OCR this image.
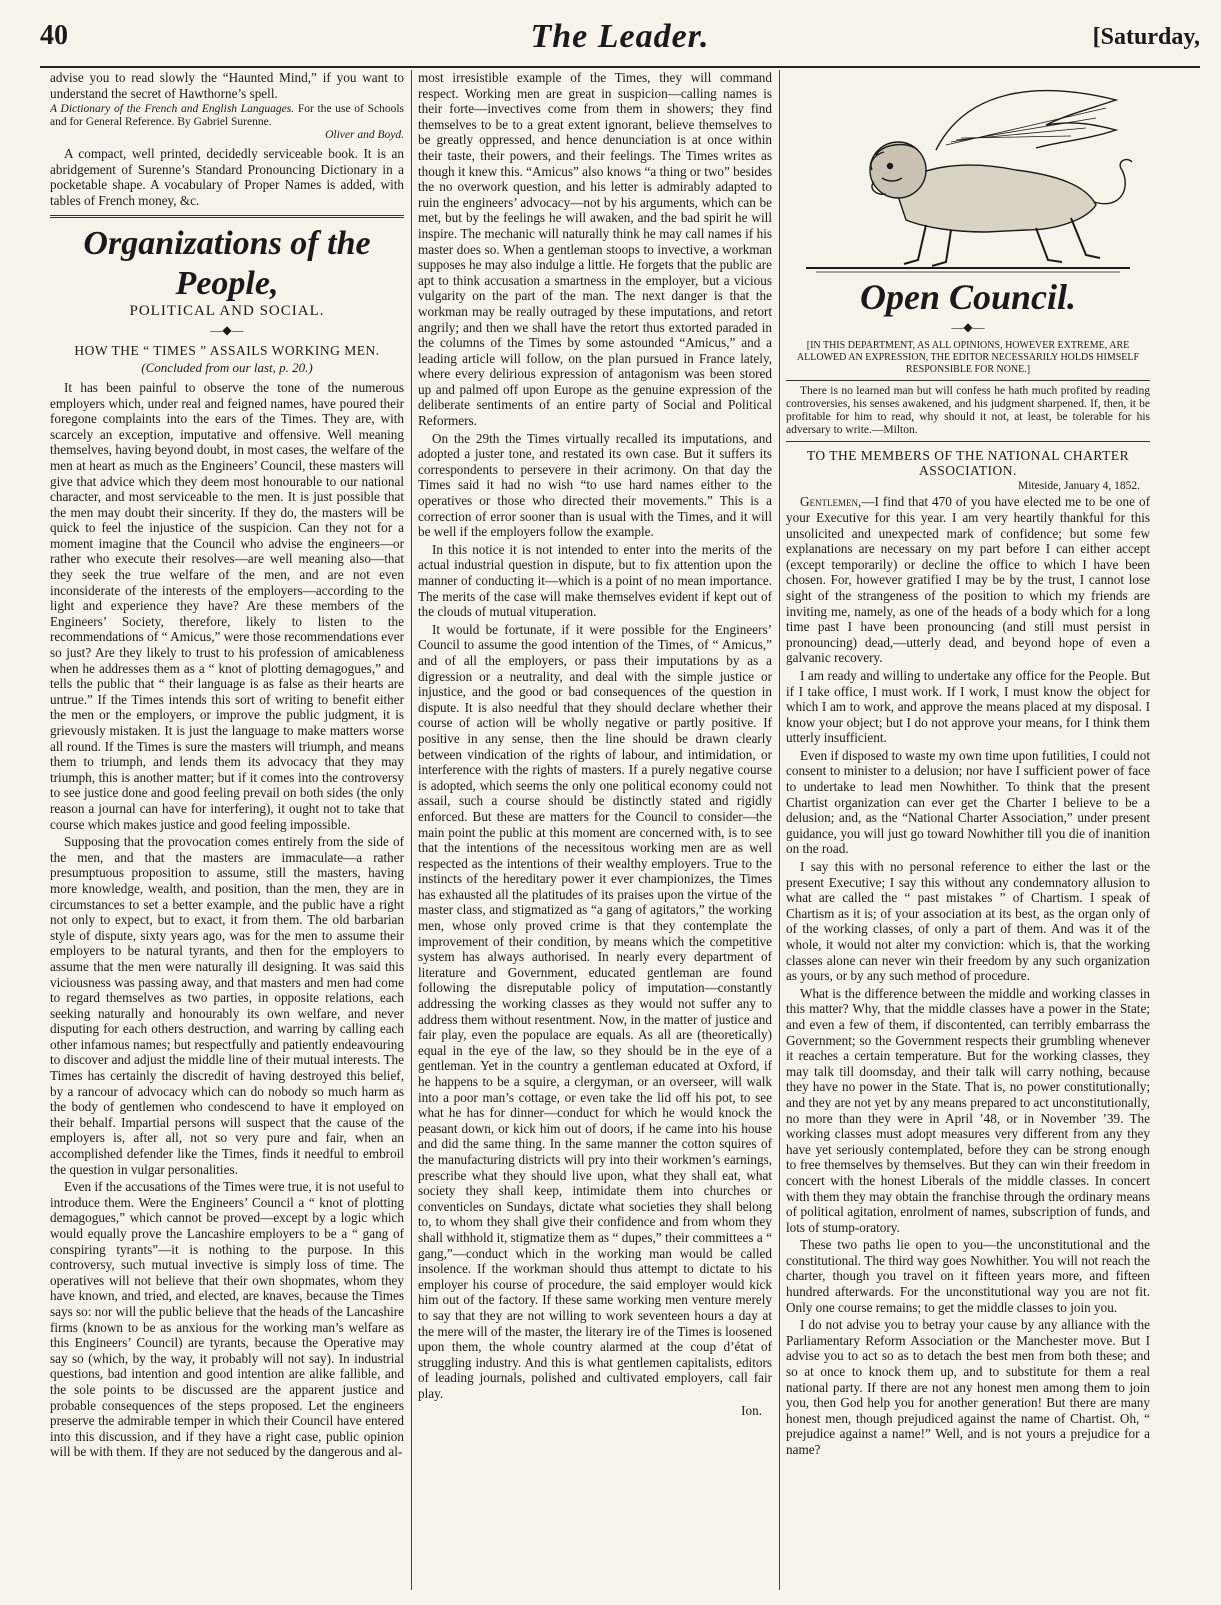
40	The Leader.	[Saturday,

advise you to read slowly the “Haunted Mind,” if you want to understand the secret of Hawthorne’s spell.

A Dictionary of the French and English Languages. For the use of Schools and for General Reference. By Gabriel Surenne.
Oliver and Boyd.

A compact, well printed, decidedly serviceable book. It is an abridgement of Surenne’s Standard Pronouncing Dictionary in a pocketable shape. A vocabulary of Proper Names is added, with tables of French money, &c.

Organizations of the People,
POLITICAL AND SOCIAL.
—◆—
HOW THE “ TIMES ” ASSAILS WORKING MEN.
(Concluded from our last, p. 20.)

It has been painful to observe the tone of the numerous employers which, under real and feigned names, have poured their foregone complaints into the ears of the Times. They are, with scarcely an exception, imputative and offensive. Well meaning themselves, having beyond doubt, in most cases, the welfare of the men at heart as much as the Engineers’ Council, these masters will give that advice which they deem most honourable to our national character, and most serviceable to the men. It is just possible that the men may doubt their sincerity. If they do, the masters will be quick to feel the injustice of the suspicion. Can they not for a moment imagine that the Council who advise the engineers—or rather who execute their resolves—are well meaning also—that they seek the true welfare of the men, and are not even inconsiderate of the interests of the employers—according to the light and experience they have? Are these members of the Engineers’ Society, therefore, likely to listen to the recommendations of “ Amicus,” were those recommendations ever so just? Are they likely to trust to his profession of amicableness when he addresses them as a “ knot of plotting demagogues,” and tells the public that “ their language is as false as their hearts are untrue.” If the Times intends this sort of writing to benefit either the men or the employers, or improve the public judgment, it is grievously mistaken. It is just the language to make matters worse all round. If the Times is sure the masters will triumph, and means them to triumph, and lends them its advocacy that they may triumph, this is another matter; but if it comes into the controversy to see justice done and good feeling prevail on both sides (the only reason a journal can have for interfering), it ought not to take that course which makes justice and good feeling impossible.

Supposing that the provocation comes entirely from the side of the men, and that the masters are immaculate—a rather presumptuous proposition to assume, still the masters, having more knowledge, wealth, and position, than the men, they are in circumstances to set a better example, and the public have a right not only to expect, but to exact, it from them. The old barbarian style of dispute, sixty years ago, was for the men to assume their employers to be natural tyrants, and then for the employers to assume that the men were naturally ill designing. It was said this viciousness was passing away, and that masters and men had come to regard themselves as two parties, in opposite relations, each seeking naturally and honourably its own welfare, and never disputing for each others destruction, and warring by calling each other infamous names; but respectfully and patiently endeavouring to discover and adjust the middle line of their mutual interests. The Times has certainly the discredit of having destroyed this belief, by a rancour of advocacy which can do nobody so much harm as the body of gentlemen who condescend to have it employed on their behalf. Impartial persons will suspect that the cause of the employers is, after all, not so very pure and fair, when an accomplished defender like the Times, finds it needful to embroil the question in vulgar personalities.

Even if the accusations of the Times were true, it is not useful to introduce them. Were the Engineers’ Council a “ knot of plotting demagogues,” which cannot be proved—except by a logic which would equally prove the Lancashire employers to be a “ gang of conspiring tyrants”—it is nothing to the purpose. In this controversy, such mutual invective is simply loss of time. The operatives will not believe that their own shopmates, whom they have known, and tried, and elected, are knaves, because the Times says so: nor will the public believe that the heads of the Lancashire firms (known to be as anxious for the working man’s welfare as this Engineers’ Council) are tyrants, because the Operative may say so (which, by the way, it probably will not say). In industrial questions, bad intention and good intention are alike fallible, and the sole points to be discussed are the apparent justice and probable consequences of the steps proposed. Let the engineers preserve the admirable temper in which their Council have entered into this discussion, and if they have a right case, public opinion will be with them. If they are not seduced by the dangerous and al-

most irresistible example of the Times, they will command respect. Working men are great in suspicion—calling names is their forte—invectives come from them in showers; they find themselves to be to a great extent ignorant, believe themselves to be greatly oppressed, and hence denunciation is at once within their taste, their powers, and their feelings. The Times writes as though it knew this. “Amicus” also knows “a thing or two” besides the no overwork question, and his letter is admirably adapted to ruin the engineers’ advocacy—not by his arguments, which can be met, but by the feelings he will awaken, and the bad spirit he will inspire. The mechanic will naturally think he may call names if his master does so. When a gentleman stoops to invective, a workman supposes he may also indulge a little. He forgets that the public are apt to think accusation a smartness in the employer, but a vicious vulgarity on the part of the man. The next danger is that the workman may be really outraged by these imputations, and retort angrily; and then we shall have the retort thus extorted paraded in the columns of the Times by some astounded “Amicus,” and a leading article will follow, on the plan pursued in France lately, where every delirious expression of antagonism was been stored up and palmed off upon Europe as the genuine expression of the deliberate sentiments of an entire party of Social and Political Reformers.

On the 29th the Times virtually recalled its imputations, and adopted a juster tone, and restated its own case. But it suffers its correspondents to persevere in their acrimony. On that day the Times said it had no wish “to use hard names either to the operatives or those who directed their movements.” This is a correction of error sooner than is usual with the Times, and it will be well if the employers follow the example.

In this notice it is not intended to enter into the merits of the actual industrial question in dispute, but to fix attention upon the manner of conducting it—which is a point of no mean importance. The merits of the case will make themselves evident if kept out of the clouds of mutual vituperation.

It would be fortunate, if it were possible for the Engineers’ Council to assume the good intention of the Times, of “ Amicus,” and of all the employers, or pass their imputations by as a digression or a neutrality, and deal with the simple justice or injustice, and the good or bad consequences of the question in dispute. It is also needful that they should declare whether their course of action will be wholly negative or partly positive. If positive in any sense, then the line should be drawn clearly between vindication of the rights of labour, and intimidation, or interference with the rights of masters. If a purely negative course is adopted, which seems the only one political economy could not assail, such a course should be distinctly stated and rigidly enforced. But these are matters for the Council to consider—the main point the public at this moment are concerned with, is to see that the intentions of the necessitous working men are as well respected as the intentions of their wealthy employers. True to the instincts of the hereditary power it ever championizes, the Times has exhausted all the platitudes of its praises upon the virtue of the master class, and stigmatized as “a gang of agitators,” the working men, whose only proved crime is that they contemplate the improvement of their condition, by means which the competitive system has always authorised. In nearly every department of literature and Government, educated gentleman are found following the disreputable policy of imputation—constantly addressing the working classes as they would not suffer any to address them without resentment. Now, in the matter of justice and fair play, even the populace are equals. As all are (theoretically) equal in the eye of the law, so they should be in the eye of a gentleman. Yet in the country a gentleman educated at Oxford, if he happens to be a squire, a clergyman, or an overseer, will walk into a poor man’s cottage, or even take the lid off his pot, to see what he has for dinner—conduct for which he would knock the peasant down, or kick him out of doors, if he came into his house and did the same thing. In the same manner the cotton squires of the manufacturing districts will pry into their workmen’s earnings, prescribe what they should live upon, what they shall eat, what society they shall keep, intimidate them into churches or conventicles on Sundays, dictate what societies they shall belong to, to whom they shall give their confidence and from whom they shall withhold it, stigmatize them as “ dupes,” their committees a “ gang,”—conduct which in the working man would be called insolence. If the workman should thus attempt to dictate to his employer his course of procedure, the said employer would kick him out of the factory. If these same working men venture merely to say that they are not willing to work seventeen hours a day at the mere will of the master, the literary ire of the Times is loosened upon them, the whole country alarmed at the coup d’état of struggling industry. And this is what gentlemen capitalists, editors of leading journals, polished and cultivated employers, call fair play.

Ion.
Open Council.
—◆—
[IN THIS DEPARTMENT, AS ALL OPINIONS, HOWEVER EXTREME, ARE ALLOWED AN EXPRESSION, THE EDITOR NECESSARILY HOLDS HIMSELF RESPONSIBLE FOR NONE.]

There is no learned man but will confess he hath much profited by reading controversies, his senses awakened, and his judgment sharpened. If, then, it be profitable for him to read, why should it not, at least, be tolerable for his adversary to write.—Milton.

TO THE MEMBERS OF THE NATIONAL CHARTER ASSOCIATION.
Miteside, January 4, 1852.

Gentlemen,—I find that 470 of you have elected me to be one of your Executive for this year. I am very heartily thankful for this unsolicited and unexpected mark of confidence; but some few explanations are necessary on my part before I can either accept (except temporarily) or decline the office to which I have been chosen. For, however gratified I may be by the trust, I cannot lose sight of the strangeness of the position to which my friends are inviting me, namely, as one of the heads of a body which for a long time past I have been pronouncing (and still must persist in pronouncing) dead,—utterly dead, and beyond hope of even a galvanic recovery.

I am ready and willing to undertake any office for the People. But if I take office, I must work. If I work, I must know the object for which I am to work, and approve the means placed at my disposal. I know your object; but I do not approve your means, for I think them utterly insufficient.

Even if disposed to waste my own time upon futilities, I could not consent to minister to a delusion; nor have I sufficient power of face to undertake to lead men Nowhither. To think that the present Chartist organization can ever get the Charter I believe to be a delusion; and, as the “National Charter Association,” under present guidance, you will just go toward Nowhither till you die of inanition on the road.

I say this with no personal reference to either the last or the present Executive; I say this without any condemnatory allusion to what are called the “ past mistakes ” of Chartism. I speak of Chartism as it is; of your association at its best, as the organ only of of the working classes, of only a part of them. And was it of the whole, it would not alter my conviction: which is, that the working classes alone can never win their freedom by any such organization as yours, or by any such method of procedure.

What is the difference between the middle and working classes in this matter? Why, that the middle classes have a power in the State; and even a few of them, if discontented, can terribly embarrass the Government; so the Government respects their grumbling whenever it reaches a certain temperature. But for the working classes, they may talk till doomsday, and their talk will carry nothing, because they have no power in the State. That is, no power constitutionally; and they are not yet by any means prepared to act unconstitutionally, no more than they were in April ’48, or in November ’39. The working classes must adopt measures very different from any they have yet seriously contemplated, before they can be strong enough to free themselves by themselves. But they can win their freedom in concert with the honest Liberals of the middle classes. In concert with them they may obtain the franchise through the ordinary means of political agitation, enrolment of names, subscription of funds, and lots of stump-oratory.

These two paths lie open to you—the unconstitutional and the constitutional. The third way goes Nowhither. You will not reach the charter, though you travel on it fifteen years more, and fifteen hundred afterwards. For the unconstitutional way you are not fit. Only one course remains; to get the middle classes to join you.

I do not advise you to betray your cause by any alliance with the Parliamentary Reform Association or the Manchester move. But I advise you to act so as to detach the best men from both these; and so at once to knock them up, and to substitute for them a real national party. If there are not any honest men among them to join you, then God help you for another generation! But there are many honest men, though prejudiced against the name of Chartist. Oh, “ prejudice against a name!” Well, and is not yours a prejudice for a name?
